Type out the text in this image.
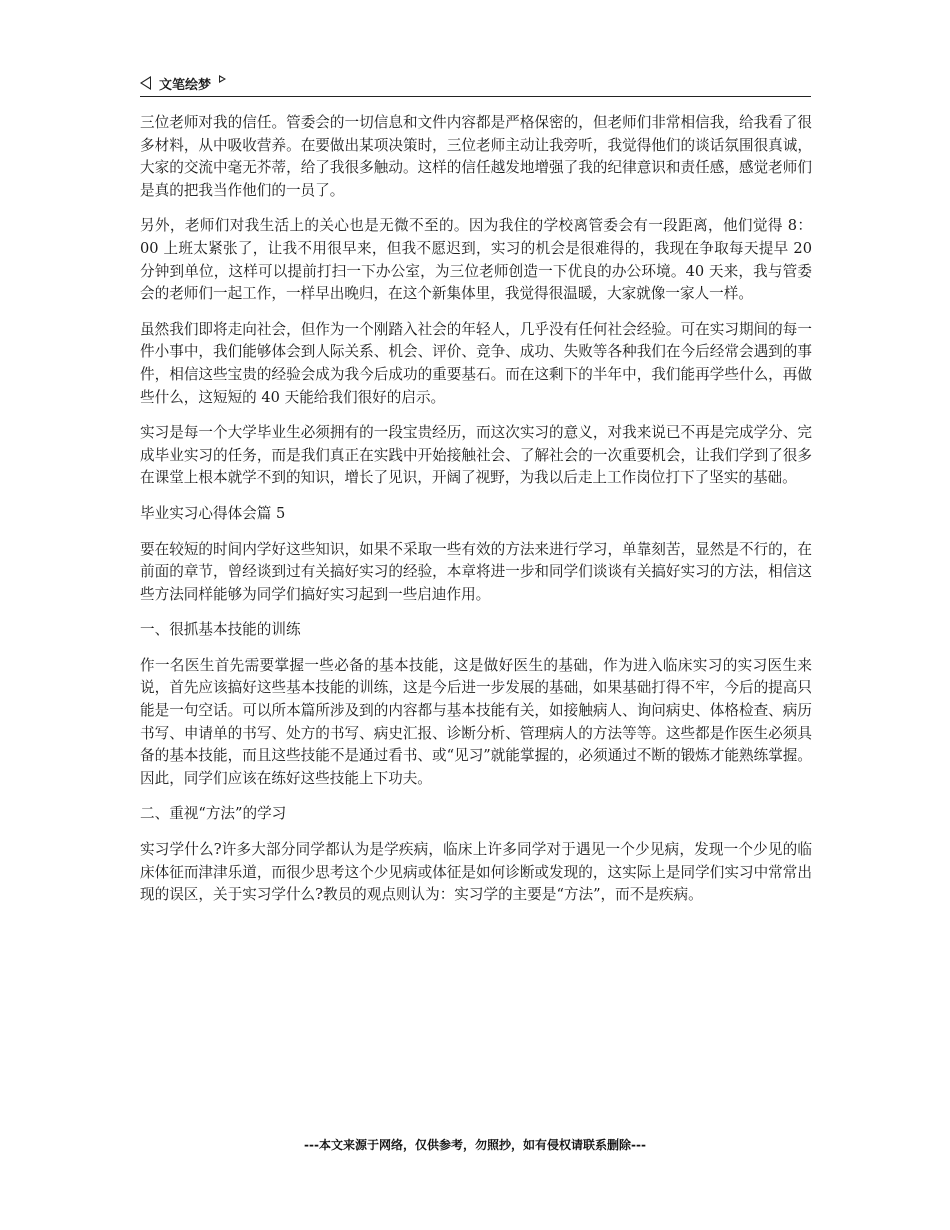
文笔绘梦

三位老师对我的信任。管委会的一切信息和文件内容都是严格保密的，但老师们非常相信我，给我看了很多材料，从中吸收营养。在要做出某项决策时，三位老师主动让我旁听，我觉得他们的谈话氛围很真诚，大家的交流中毫无芥蒂，给了我很多触动。这样的信任越发地增强了我的纪律意识和责任感，感觉老师们是真的把我当作他们的一员了。

另外，老师们对我生活上的关心也是无微不至的。因为我住的学校离管委会有一段距离，他们觉得 8：00 上班太紧张了，让我不用很早来，但我不愿迟到，实习的机会是很难得的，我现在争取每天提早 20 分钟到单位，这样可以提前打扫一下办公室，为三位老师创造一下优良的办公环境。40 天来，我与管委会的老师们一起工作，一样早出晚归，在这个新集体里，我觉得很温暖，大家就像一家人一样。

虽然我们即将走向社会，但作为一个刚踏入社会的年轻人，几乎没有任何社会经验。可在实习期间的每一件小事中，我们能够体会到人际关系、机会、评价、竞争、成功、失败等各种我们在今后经常会遇到的事件，相信这些宝贵的经验会成为我今后成功的重要基石。而在这剩下的半年中，我们能再学些什么，再做些什么，这短短的 40 天能给我们很好的启示。

实习是每一个大学毕业生必须拥有的一段宝贵经历，而这次实习的意义，对我来说已不再是完成学分、完成毕业实习的任务，而是我们真正在实践中开始接触社会、了解社会的一次重要机会，让我们学到了很多在课堂上根本就学不到的知识，增长了见识，开阔了视野，为我以后走上工作岗位打下了坚实的基础。

毕业实习心得体会篇 5

要在较短的时间内学好这些知识，如果不采取一些有效的方法来进行学习，单靠刻苦，显然是不行的，在前面的章节，曾经谈到过有关搞好实习的经验，本章将进一步和同学们谈谈有关搞好实习的方法，相信这些方法同样能够为同学们搞好实习起到一些启迪作用。

一、很抓基本技能的训练

作一名医生首先需要掌握一些必备的基本技能，这是做好医生的基础，作为进入临床实习的实习医生来说，首先应该搞好这些基本技能的训练，这是今后进一步发展的基础，如果基础打得不牢，今后的提高只能是一句空话。可以所本篇所涉及到的内容都与基本技能有关，如接触病人、询问病史、体格检查、病历书写、申请单的书写、处方的书写、病史汇报、诊断分析、管理病人的方法等等。这些都是作医生必须具备的基本技能，而且这些技能不是通过看书、或“见习”就能掌握的，必须通过不断的锻炼才能熟练掌握。因此，同学们应该在练好这些技能上下功夫。

二、重视“方法”的学习

实习学什么?许多大部分同学都认为是学疾病，临床上许多同学对于遇见一个少见病，发现一个少见的临床体征而津津乐道，而很少思考这个少见病或体征是如何诊断或发现的，这实际上是同学们实习中常常出现的误区，关于实习学什么?教员的观点则认为：实习学的主要是“方法”，而不是疾病。

---本文来源于网络，仅供参考，勿照抄，如有侵权请联系删除---
